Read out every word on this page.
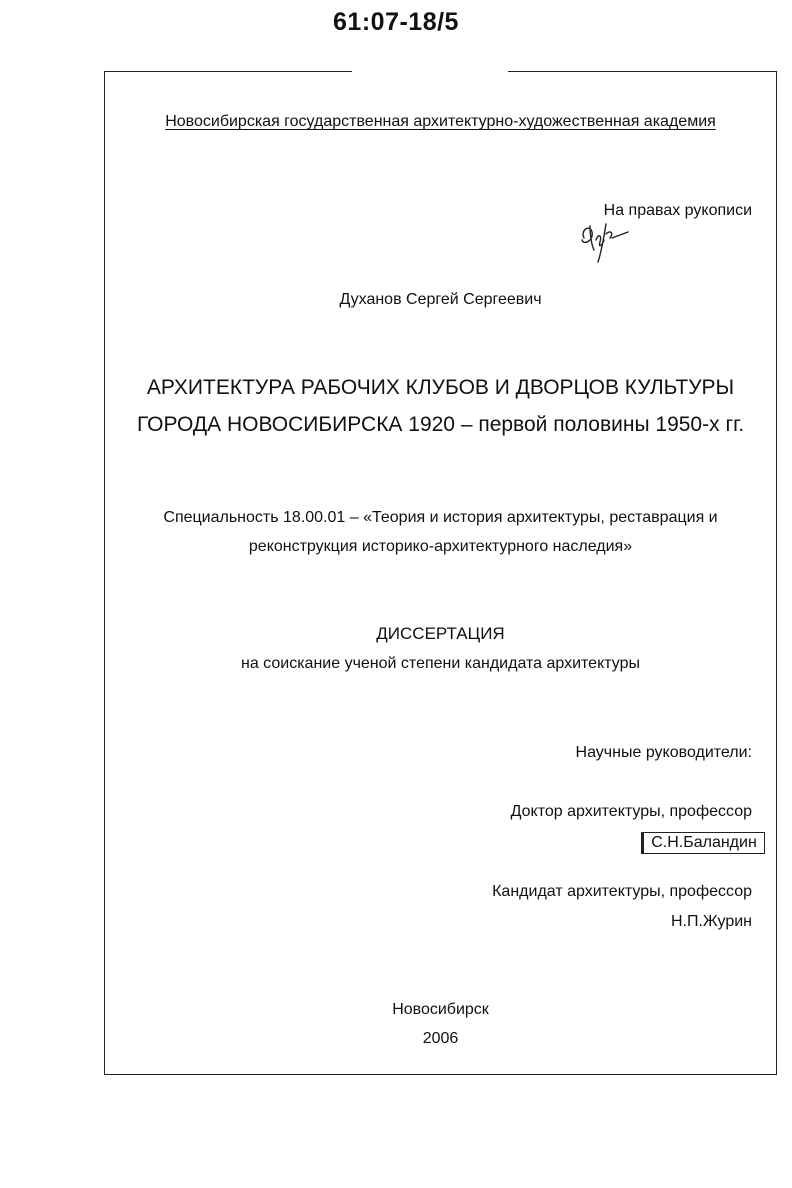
61:07-18/5
Новосибирская государственная архитектурно-художественная академия
На правах рукописи
Духанов Сергей Сергеевич
АРХИТЕКТУРА РАБОЧИХ КЛУБОВ И ДВОРЦОВ КУЛЬТУРЫ
ГОРОДА НОВОСИБИРСКА 1920 – первой половины 1950-х гг.
Специальность 18.00.01 – «Теория и история архитектуры, реставрация и
реконструкция историко-архитектурного наследия»
ДИССЕРТАЦИЯ
на соискание ученой степени кандидата архитектуры
Научные руководители:
Доктор архитектуры, профессор
С.Н.Баландин
Кандидат архитектуры, профессор
Н.П.Журин
Новосибирск
2006
